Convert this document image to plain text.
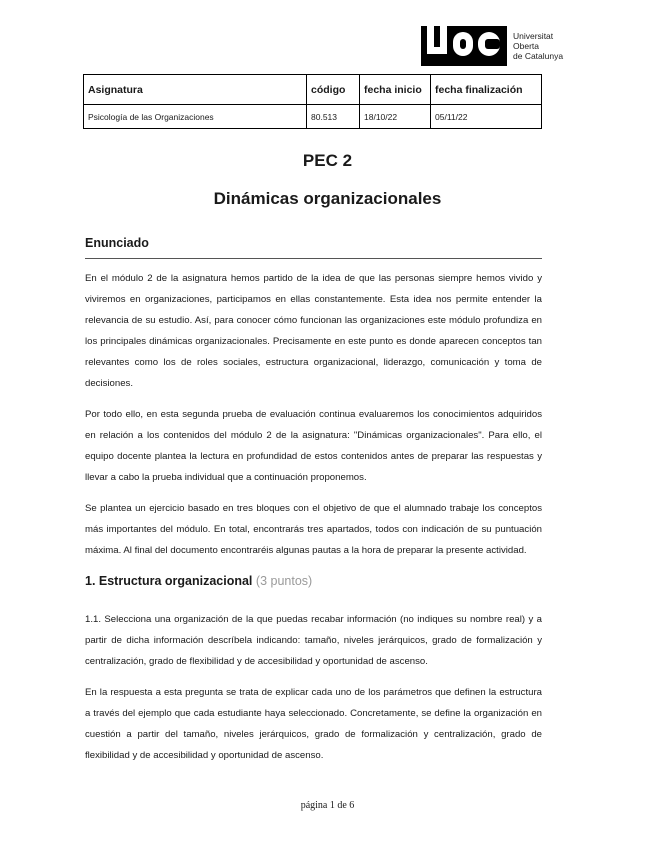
Universitat
Oberta
de Catalunya
Asignatura	código	fecha inicio	fecha finalización
Psicología de las Organizaciones	80.513	18/10/22	05/11/22
PEC 2
Dinámicas organizacionales
Enunciado
En el módulo 2 de la asignatura hemos partido de la idea de que las personas siempre hemos vivido y viviremos en organizaciones, participamos en ellas constantemente. Esta idea nos permite entender la relevancia de su estudio. Así, para conocer cómo funcionan las organizaciones este módulo profundiza en los principales dinámicas organizacionales. Precisamente en este punto es donde aparecen conceptos tan relevantes como los de roles sociales, estructura organizacional, liderazgo, comunicación y toma de decisiones.
Por todo ello, en esta segunda prueba de evaluación continua evaluaremos los conocimientos adquiridos en relación a los contenidos del módulo 2 de la asignatura: "Dinámicas organizacionales". Para ello, el equipo docente plantea la lectura en profundidad de estos contenidos antes de preparar las respuestas y llevar a cabo la prueba individual que a continuación proponemos.
Se plantea un ejercicio basado en tres bloques con el objetivo de que el alumnado trabaje los conceptos más importantes del módulo. En total, encontrarás tres apartados, todos con indicación de su puntuación máxima. Al final del documento encontraréis algunas pautas a la hora de preparar la presente actividad.
1. Estructura organizacional (3 puntos)
1.1. Selecciona una organización de la que puedas recabar información (no indiques su nombre real) y a partir de dicha información descríbela indicando: tamaño, niveles jerárquicos, grado de formalización y centralización, grado de flexibilidad y de accesibilidad y oportunidad de ascenso.
En la respuesta a esta pregunta se trata de explicar cada uno de los parámetros que definen la estructura a través del ejemplo que cada estudiante haya seleccionado. Concretamente, se define la organización en cuestión a partir del tamaño, niveles jerárquicos, grado de formalización y centralización, grado de flexibilidad y de accesibilidad y oportunidad de ascenso.
página 1 de 6
